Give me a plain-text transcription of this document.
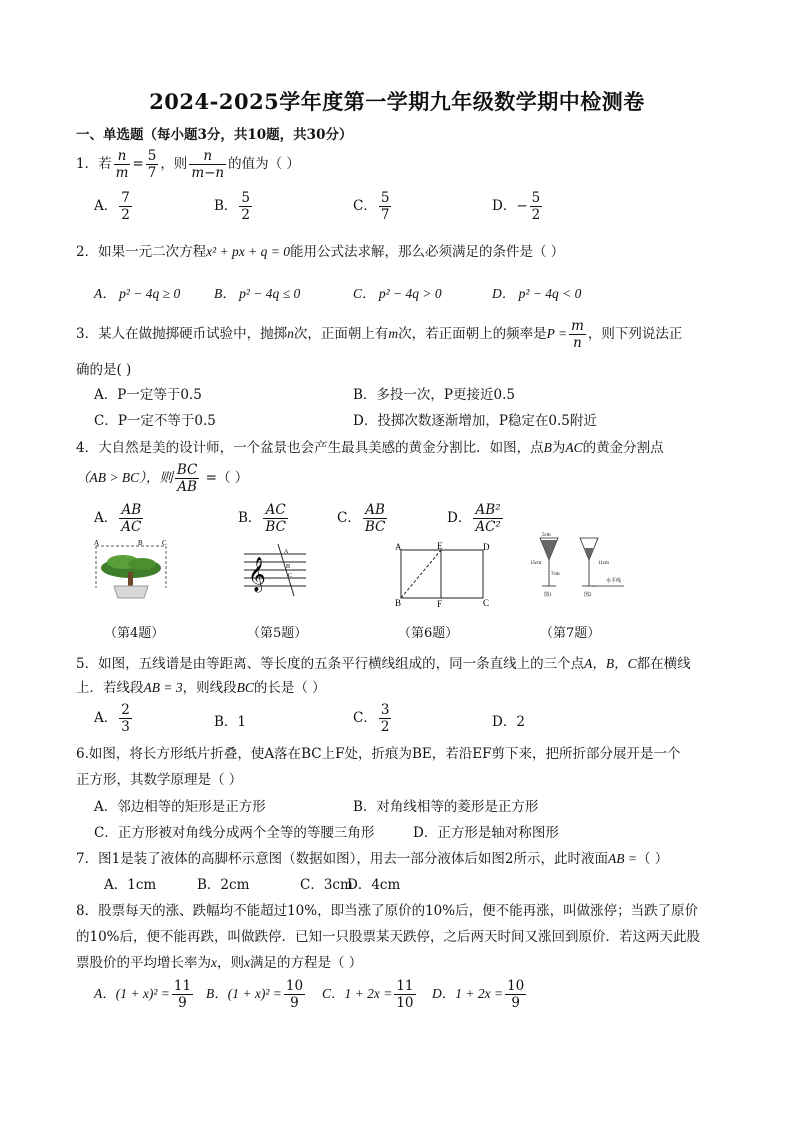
2024-2025学年度第一学期九年级数学期中检测卷
一、单选题（每小题3分，共10题，共30分）
1．若 $\frac{n}{m} = \frac{5}{7}$ ，则 $\frac{n}{m-n}$ 的值为（ ）
A． $\frac{7}{2}$	B． $\frac{5}{2}$	C． $\frac{5}{7}$	D．− $\frac{5}{2}$
2．如果一元二次方程x² + px + q = 0能用公式法求解，那么必须满足的条件是（ ）
A． p² − 4q ≥ 0	B． p² − 4q ≤ 0	C． p² − 4q > 0	D． p² − 4q < 0
3．某人在做抛掷硬币试验中，抛掷n次，正面朝上有m次，若正面朝上的频率是$P = \frac{m}{n}$ ，则下列说法正
确的是( )
A．P一定等于0.5	B．多投一次，P更接近0.5
C．P一定不等于0.5	D．投掷次数逐渐增加，P稳定在0.5附近
4．大自然是美的设计师，一个盆景也会产生最具美感的黄金分割比．如图，点B为AC的黄金分割点
（AB > BC），则 $\frac{BC}{AB}$ =（ ）
A． $\frac{AB}{AC}$	B． $\frac{AC}{BC}$	C． $\frac{AB}{BC}$	D． $\frac{\text{AB²}}{\text{AC²}}$
A	B	C
𝄞
A
B
C
A	E	D
B	F	C
5cm
15cm
7cm
11cm
水平线
图1	图2
（第4题）	（第5题）	（第6题）	（第7题）
5．如图，五线谱是由等距离、等长度的五条平行横线组成的，同一条直线上的三个点A，B，C都在横线
上．若线段AB = 3，则线段BC的长是（ ）
A． $\frac{2}{3}$	B．1	C． $\frac{3}{2}$	D．2
6.如图，将长方形纸片折叠，使A落在BC上F处，折痕为BE，若沿EF剪下来，把所折部分展开是一个
正方形，其数学原理是（ ）
A．邻边相等的矩形是正方形	B．对角线相等的菱形是正方形
C．正方形被对角线分成两个全等的等腰三角形	D．正方形是轴对称图形
7．图1是装了液体的高脚杯示意图（数据如图），用去一部分液体后如图2所示，此时液面AB =（ ）
A．1cm	B．2cm	C．3cm
D．4cm
8．股票每天的涨、跌幅均不能超过10%，即当涨了原价的10%后，便不能再涨，叫做涨停；当跌了原价
的10%后，便不能再跌，叫做跌停．已知一只股票某天跌停，之后两天时间又涨回到原价．若这两天此股
票股价的平均增长率为x，则x满足的方程是（ ）
A．$(1 + x)^2 = \frac{11}{9}$ B．$(1 + x)^2 = \frac{10}{9}$ C．$1 + 2x = \frac{11}{10}$ D．$1 + 2x = \frac{10}{9}$
